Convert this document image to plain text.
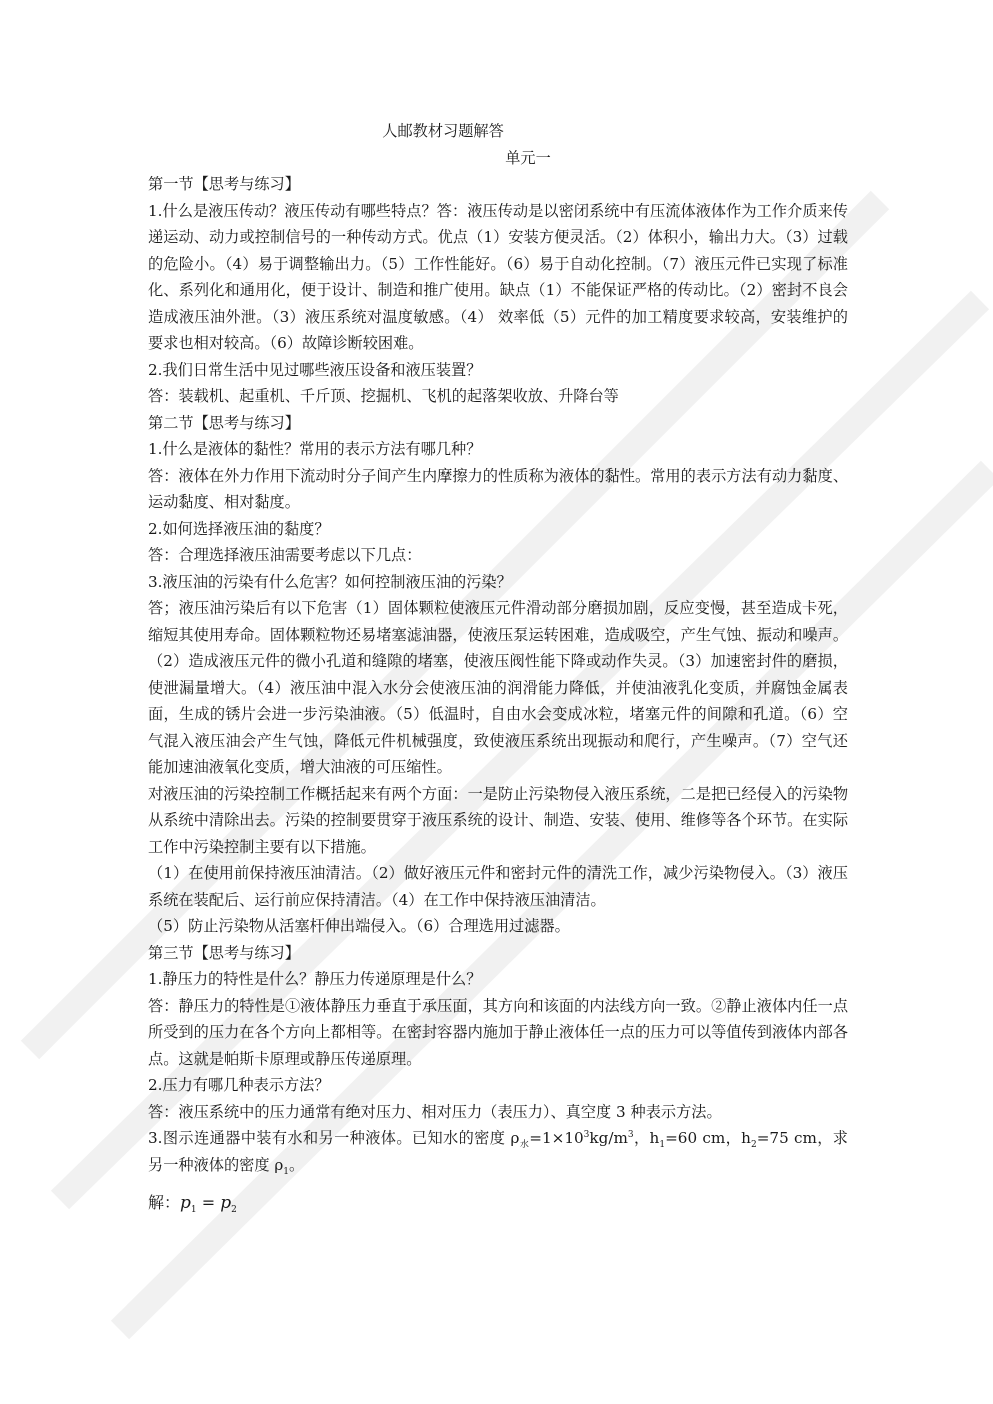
人邮教材习题解答

单元一

第一节【思考与练习】

1.什么是液压传动？液压传动有哪些特点？答：液压传动是以密闭系统中有压流体液体作为工作介质来传递运动、动力或控制信号的一种传动方式。优点（1）安装方便灵活。（2）体积小，输出力大。（3）过载的危险小。（4）易于调整输出力。（5）工作性能好。（6）易于自动化控制。（7）液压元件已实现了标准化、系列化和通用化，便于设计、制造和推广使用。缺点（1）不能保证严格的传动比。（2）密封不良会造成液压油外泄。（3）液压系统对温度敏感。（4） 效率低（5）元件的加工精度要求较高，安装维护的要求也相对较高。（6）故障诊断较困难。

2.我们日常生活中见过哪些液压设备和液压装置？

答：装载机、起重机、千斤顶、挖掘机、飞机的起落架收放、升降台等

第二节【思考与练习】

1.什么是液体的黏性？常用的表示方法有哪几种？

答：液体在外力作用下流动时分子间产生内摩擦力的性质称为液体的黏性。常用的表示方法有动力黏度、运动黏度、相对黏度。

2.如何选择液压油的黏度？

答：合理选择液压油需要考虑以下几点：

3.液压油的污染有什么危害？如何控制液压油的污染？

答；液压油污染后有以下危害（1）固体颗粒使液压元件滑动部分磨损加剧，反应变慢，甚至造成卡死，缩短其使用寿命。固体颗粒物还易堵塞滤油器，使液压泵运转困难，造成吸空，产生气蚀、振动和噪声。（2）造成液压元件的微小孔道和缝隙的堵塞，使液压阀性能下降或动作失灵。（3）加速密封件的磨损，使泄漏量增大。（4）液压油中混入水分会使液压油的润滑能力降低，并使油液乳化变质，并腐蚀金属表面，生成的锈片会进一步污染油液。（5）低温时，自由水会变成冰粒，堵塞元件的间隙和孔道。（6）空气混入液压油会产生气蚀，降低元件机械强度，致使液压系统出现振动和爬行，产生噪声。（7）空气还能加速油液氧化变质，增大油液的可压缩性。

对液压油的污染控制工作概括起来有两个方面：一是防止污染物侵入液压系统，二是把已经侵入的污染物从系统中清除出去。污染的控制要贯穿于液压系统的设计、制造、安装、使用、维修等各个环节。在实际工作中污染控制主要有以下措施。

（1）在使用前保持液压油清洁。（2）做好液压元件和密封元件的清洗工作，减少污染物侵入。（3）液压系统在装配后、运行前应保持清洁。（4）在工作中保持液压油清洁。

（5）防止污染物从活塞杆伸出端侵入。（6）合理选用过滤器。

第三节【思考与练习】

1.静压力的特性是什么？静压力传递原理是什么？

答：静压力的特性是①液体静压力垂直于承压面，其方向和该面的内法线方向一致。②静止液体内任一点所受到的压力在各个方向上都相等。在密封容器内施加于静止液体任一点的压力可以等值传到液体内部各点。这就是帕斯卡原理或静压传递原理。

2.压力有哪几种表示方法？

答：液压系统中的压力通常有绝对压力、相对压力（表压力）、真空度 3 种表示方法。

3.图示连通器中装有水和另一种液体。已知水的密度 $\rho_水=1\times 10^3kg/m^3$，$h_1=60$ cm，$h_2=75$ cm，求另一种液体的密度 $\rho_1$。

解：$p_1 = p_2$
